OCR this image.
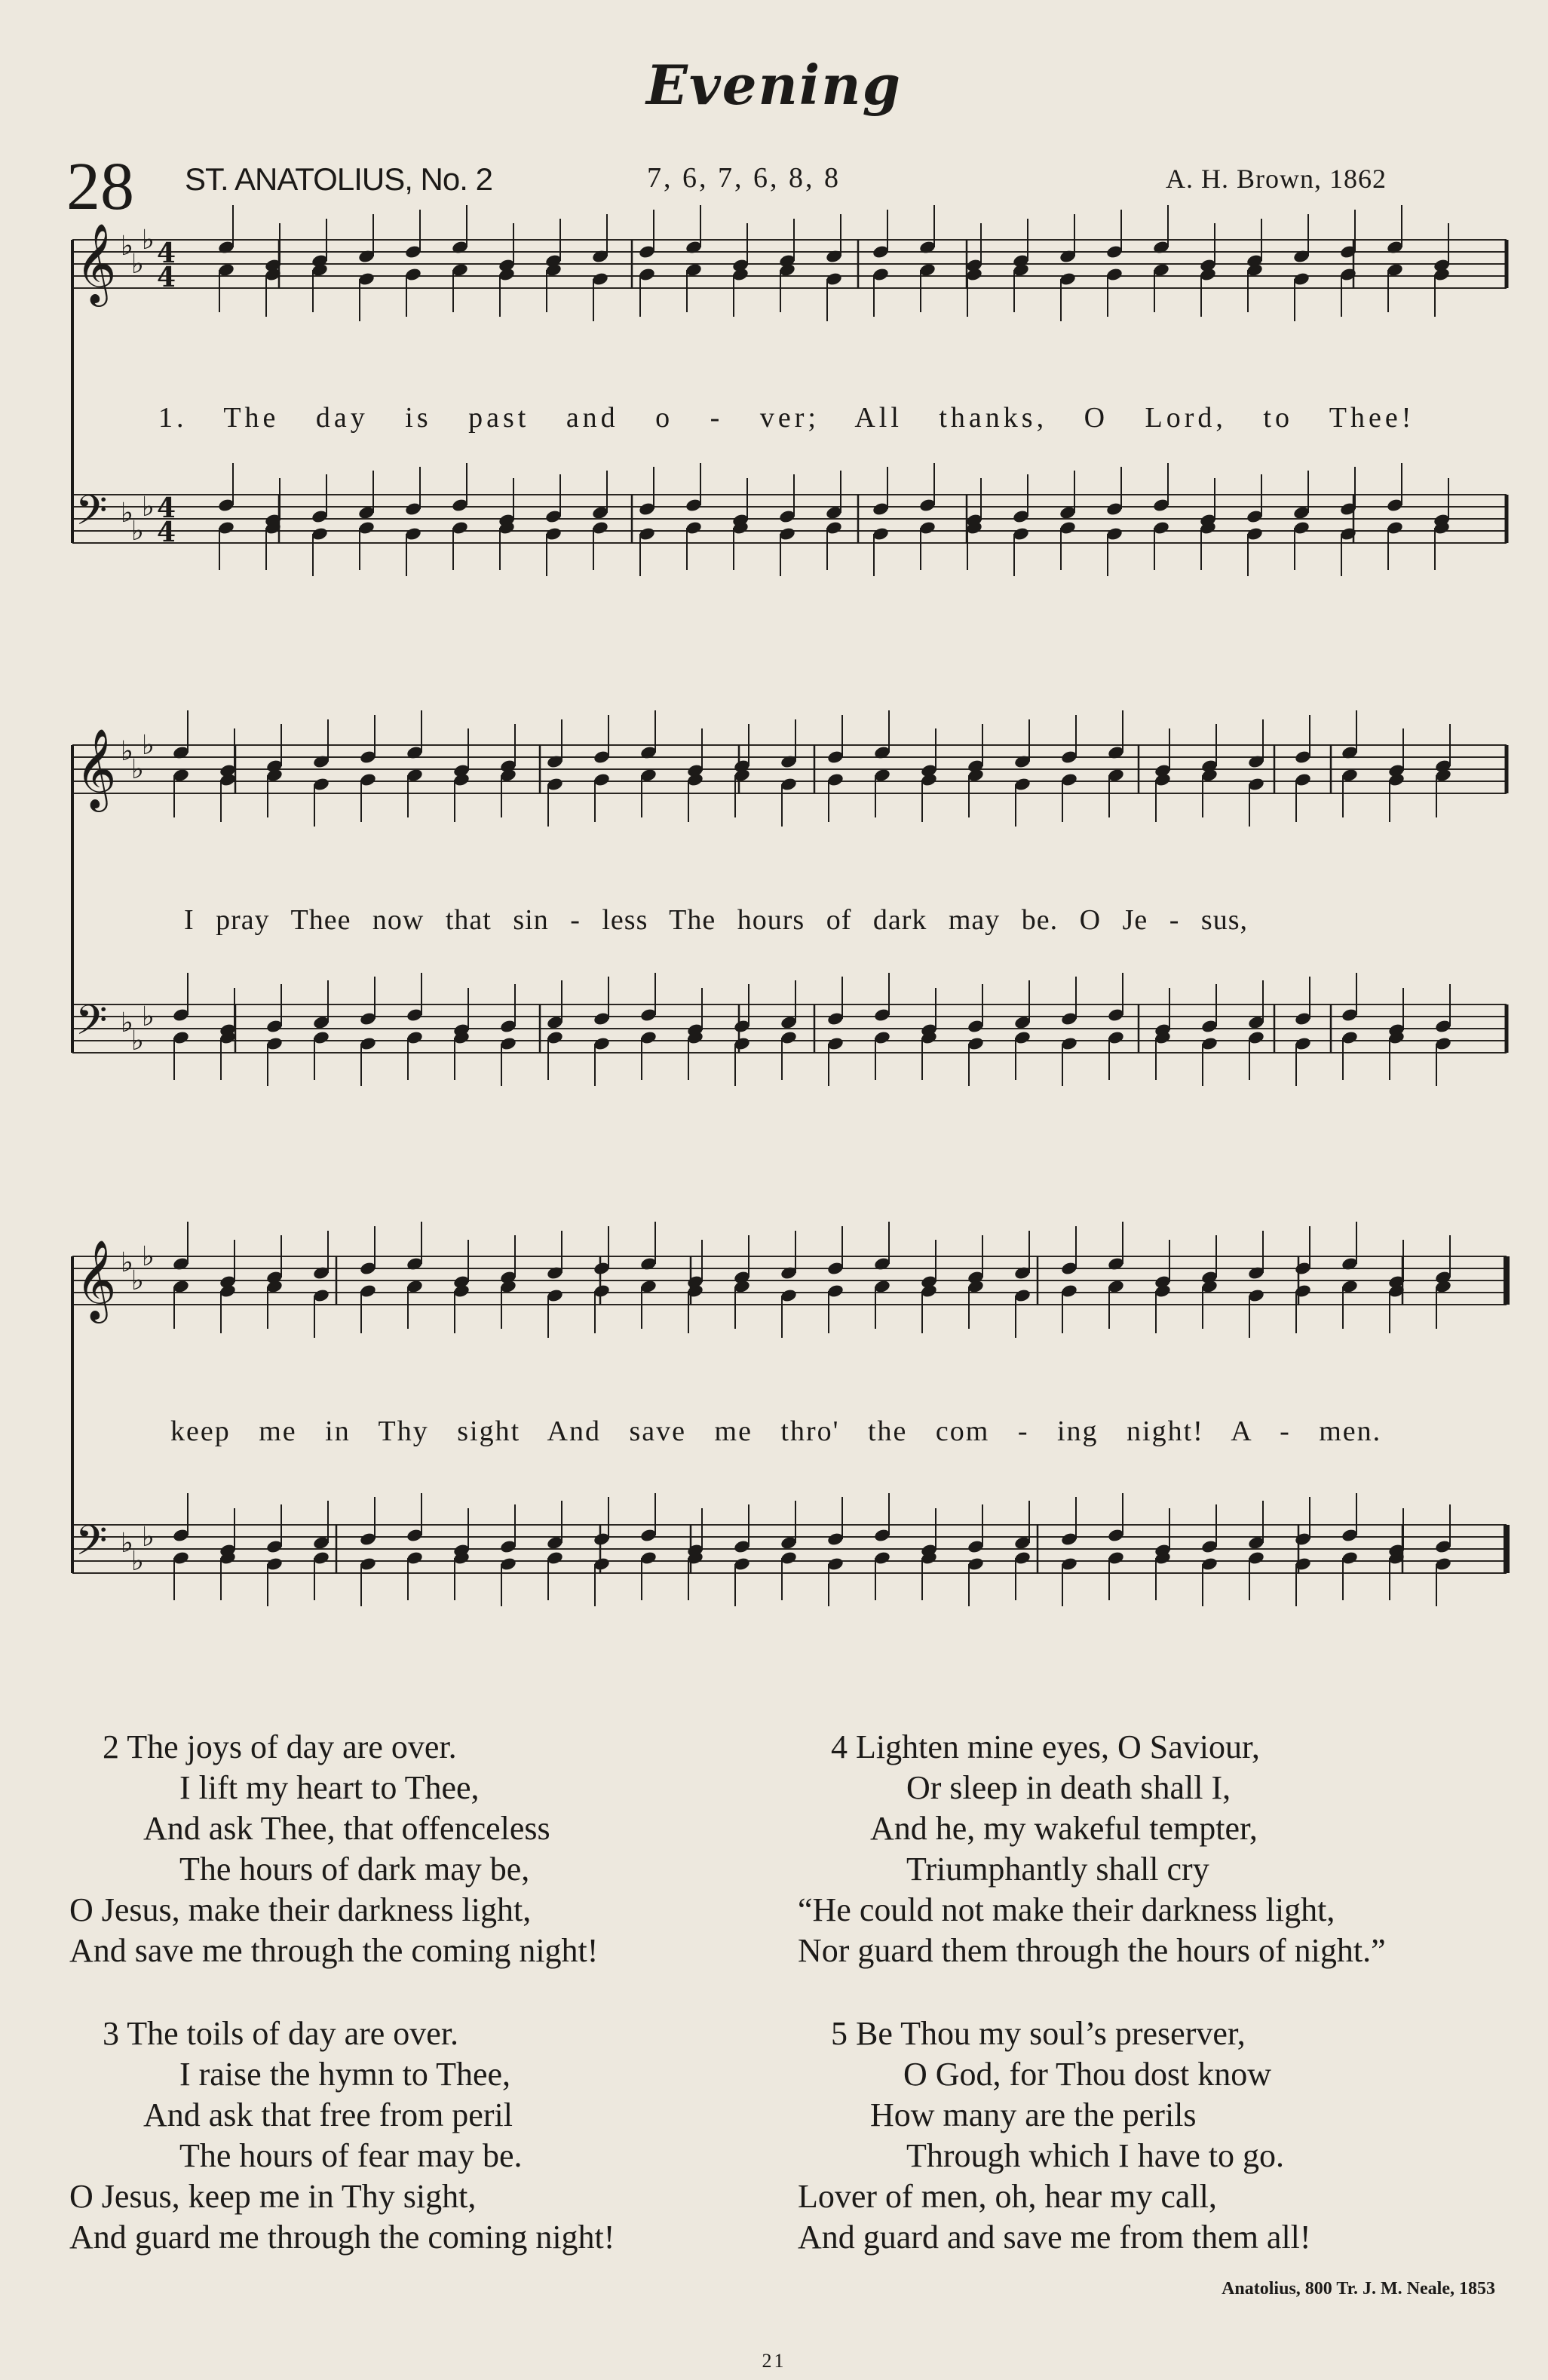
Evening
28 ST. ANATOLIUS, No. 2	7, 6, 7, 6, 8, 8	A. H. Brown, 1862
𝄞 ♭
♭
♭
𝄢 ♭
♭
♭
𝄞 ♭
♭
♭
𝄢 ♭
♭
♭
𝄞 ♭
♭
♭
𝄢 ♭
♭
♭
4
4
4
4
1. The day is past and o - ver; All thanks, O Lord, to Thee!
I pray Thee now that sin - less The hours of dark may be. O Je - sus,
keep me in Thy sight And save me thro' the com - ing night! A - men.
2 The joys of day are over.
I lift my heart to Thee,
And ask Thee, that offenceless
The hours of dark may be,
O Jesus, make their darkness light,
And save me through the coming night!
4 Lighten mine eyes, O Saviour,
Or sleep in death shall I,
And he, my wakeful tempter,
Triumphantly shall cry
“He could not make their darkness light,
Nor guard them through the hours of night.”
3 The toils of day are over.
I raise the hymn to Thee,
And ask that free from peril
The hours of fear may be.
O Jesus, keep me in Thy sight,
And guard me through the coming night!
5 Be Thou my soul’s preserver,
O God, for Thou dost know
How many are the perils
Through which I have to go.
Lover of men, oh, hear my call,
And guard and save me from them all!
Anatolius, 800 Tr. J. M. Neale, 1853
21
